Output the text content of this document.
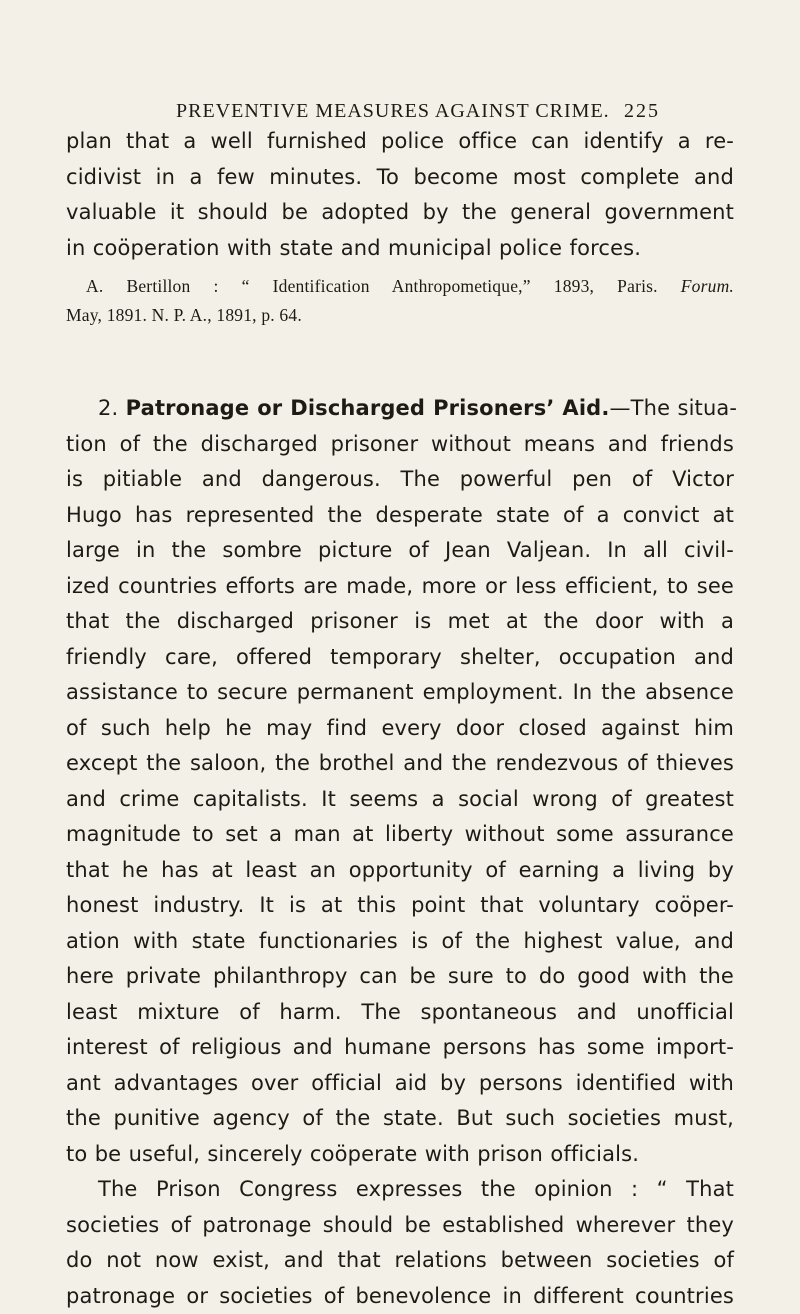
PREVENTIVE MEASURES AGAINST CRIME. 225
plan that a well furnished police office can identify a re-
cidivist in a few minutes. To become most complete and
valuable it should be adopted by the general government
in coöperation with state and municipal police forces.
A. Bertillon : “ Identification Anthropometique,” 1893, Paris. Forum.
May, 1891. N. P. A., 1891, p. 64.
2. Patronage or Discharged Prisoners’ Aid.—The situa-
tion of the discharged prisoner without means and friends
is pitiable and dangerous. The powerful pen of Victor
Hugo has represented the desperate state of a convict at
large in the sombre picture of Jean Valjean. In all civil-
ized countries efforts are made, more or less efficient, to see
that the discharged prisoner is met at the door with a
friendly care, offered temporary shelter, occupation and
assistance to secure permanent employment. In the absence
of such help he may find every door closed against him
except the saloon, the brothel and the rendezvous of thieves
and crime capitalists. It seems a social wrong of greatest
magnitude to set a man at liberty without some assurance
that he has at least an opportunity of earning a living by
honest industry. It is at this point that voluntary coöper-
ation with state functionaries is of the highest value, and
here private philanthropy can be sure to do good with the
least mixture of harm. The spontaneous and unofficial
interest of religious and humane persons has some import-
ant advantages over official aid by persons identified with
the punitive agency of the state. But such societies must,
to be useful, sincerely coöperate with prison officials.
The Prison Congress expresses the opinion : “ That
societies of patronage should be established wherever they
do not now exist, and that relations between societies of
patronage or societies of benevolence in different countries
